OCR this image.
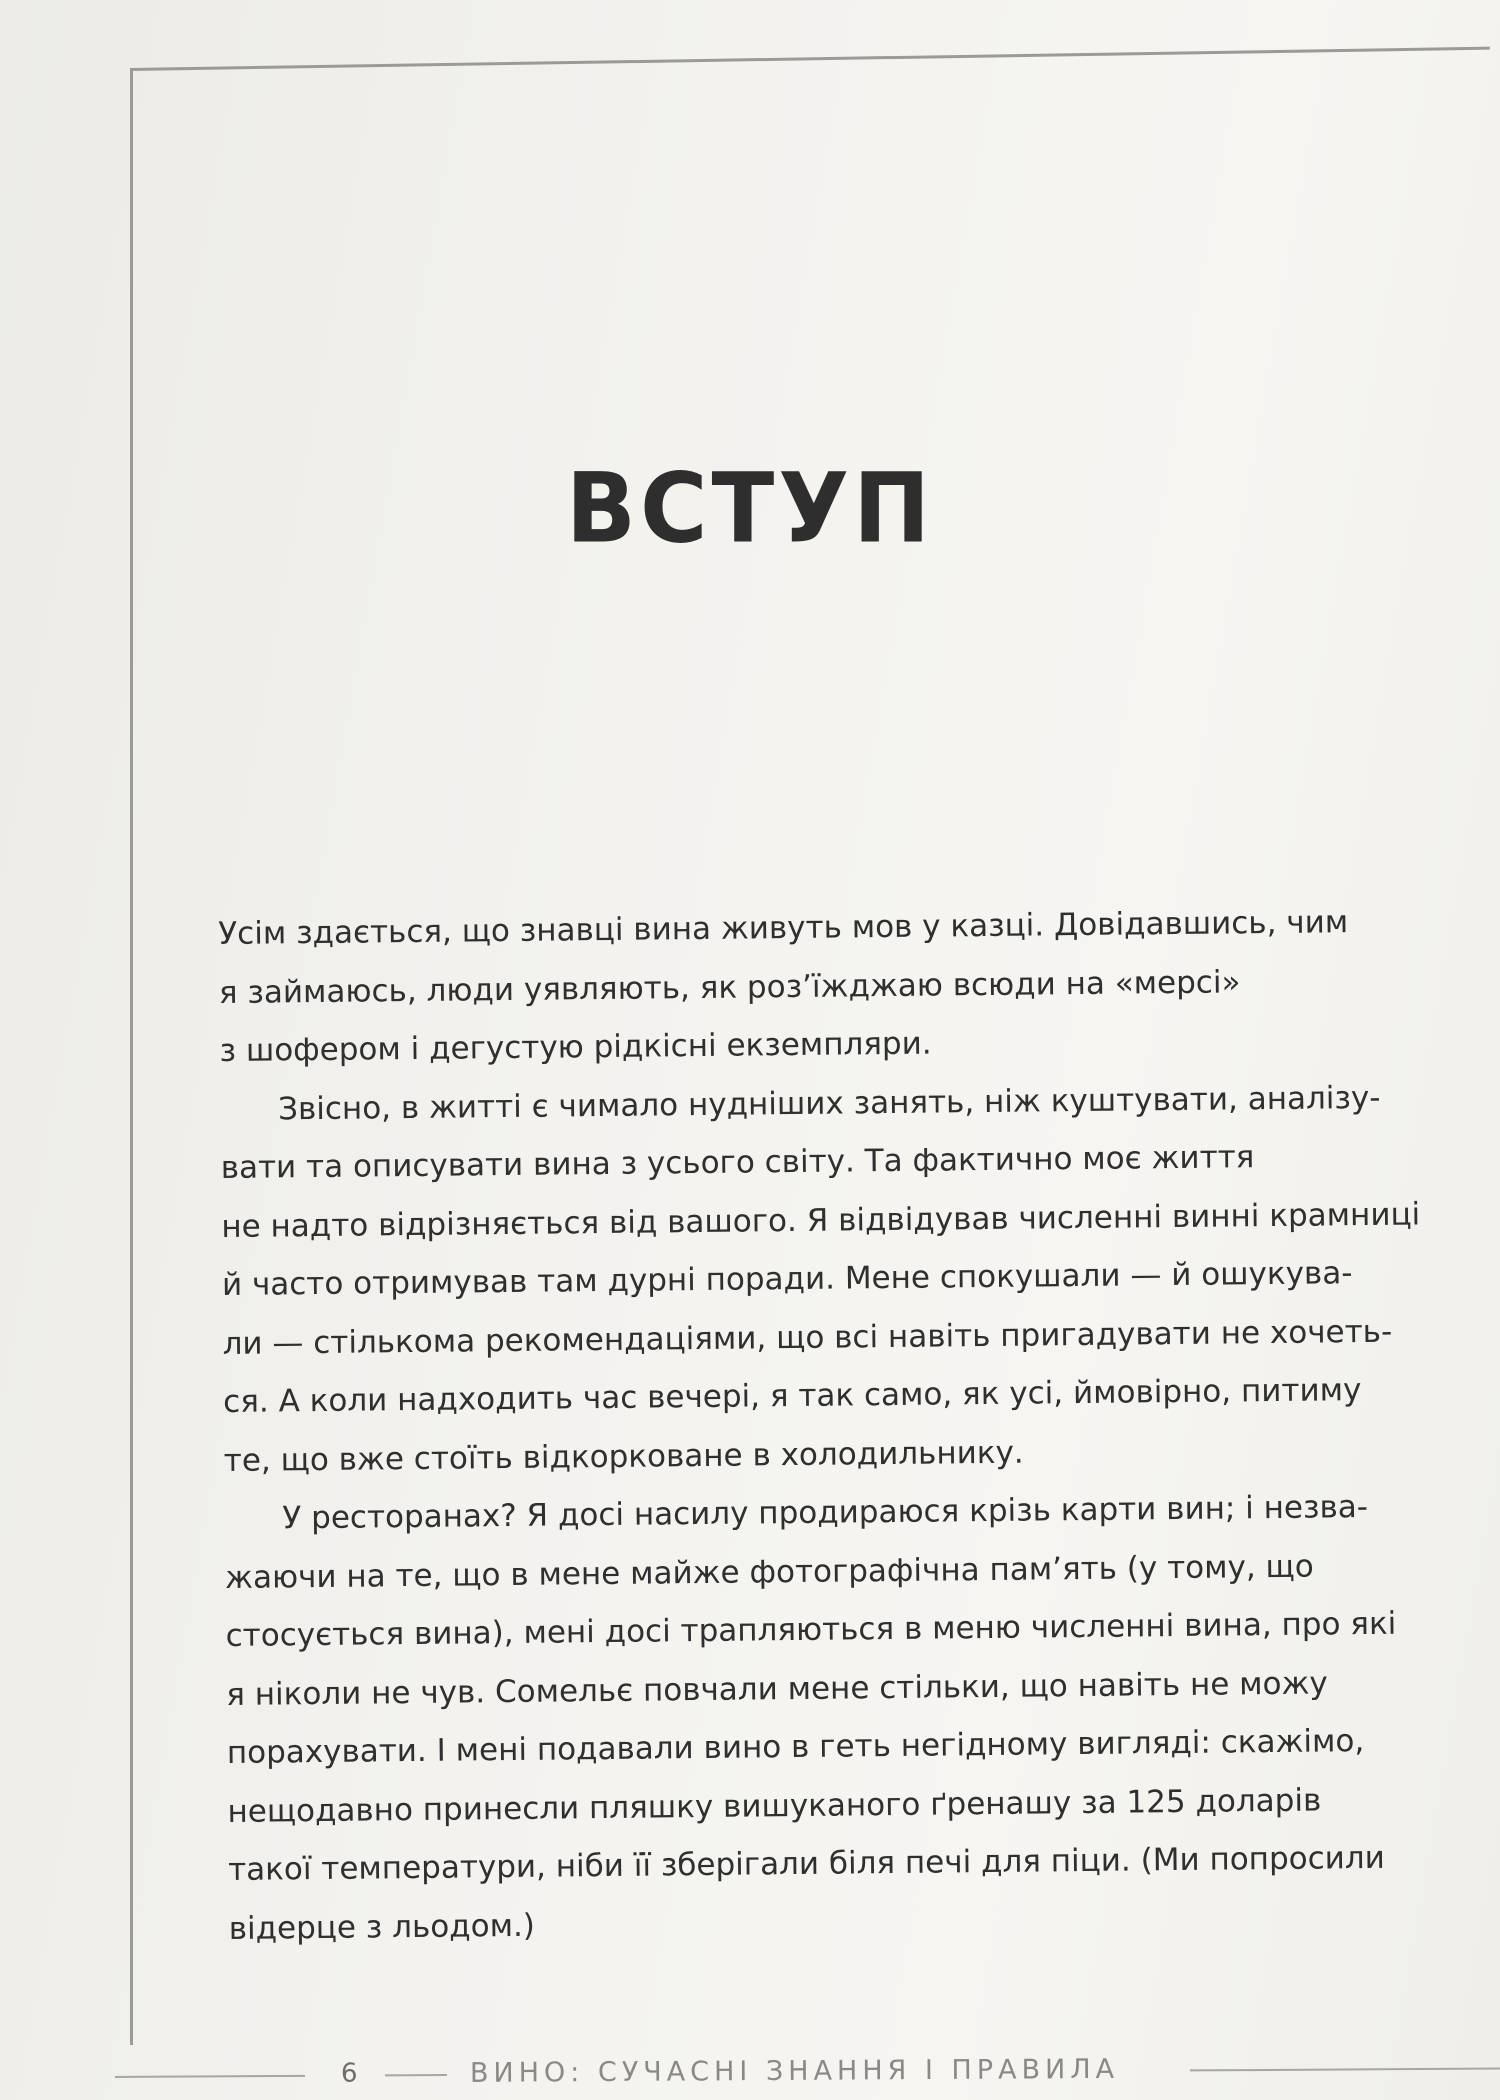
ВСТУП

Усім здається, що знавці вина живуть мов у казці. Довідавшись, чим
я займаюсь, люди уявляють, як роз’їжджаю всюди на «мерсі»
з шофером і дегустую рідкісні екземпляри.

Звісно, в житті є чимало нудніших занять, ніж куштувати, аналізу-
вати та описувати вина з усього світу. Та фактично моє життя
не надто відрізняється від вашого. Я відвідував численні винні крамниці
й часто отримував там дурні поради. Мене спокушали — й ошукува-
ли — стількома рекомендаціями, що всі навіть пригадувати не хочеть-
ся. А коли надходить час вечері, я так само, як усі, ймовірно, питиму
те, що вже стоїть відкорковане в холодильнику.

У ресторанах? Я досі насилу продираюся крізь карти вин; і незва-
жаючи на те, що в мене майже фотографічна пам’ять (у тому, що
стосується вина), мені досі трапляються в меню численні вина, про які
я ніколи не чув. Сомельє повчали мене стільки, що навіть не можу
порахувати. І мені подавали вино в геть негідному вигляді: скажімо,
нещодавно принесли пляшку вишуканого ґренашу за 125 доларів
такої температури, ніби її зберігали біля печі для піци. (Ми попросили
відерце з льодом.)

6	ВИНО: СУЧАСНІ ЗНАННЯ І ПРАВИЛА
